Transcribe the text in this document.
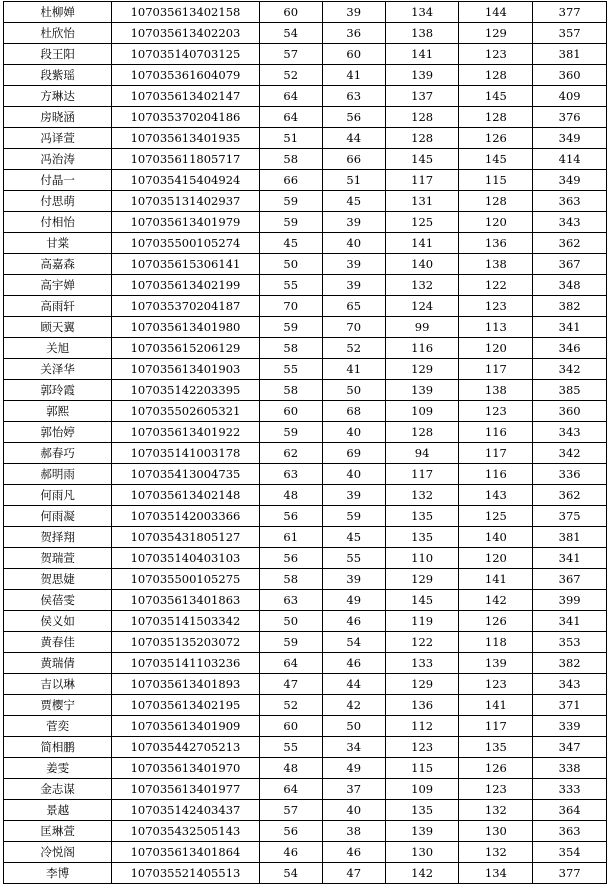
杜柳婵	107035613402158	60	39	134	144	377
杜欣怡	107035613402203	54	36	138	129	357
段王阳	107035140703125	57	60	141	123	381
段紫瑶	107035361604079	52	41	139	128	360
方琳达	107035613402147	64	63	137	145	409
房晓涵	107035370204186	64	56	128	128	376
冯译萱	107035613401935	51	44	128	126	349
冯治涛	107035611805717	58	66	145	145	414
付晶一	107035415404924	66	51	117	115	349
付思萌	107035131402937	59	45	131	128	363
付相怡	107035613401979	59	39	125	120	343
甘棠	107035500105274	45	40	141	136	362
高嘉森	107035615306141	50	39	140	138	367
高宇婵	107035613402199	55	39	132	122	348
高雨轩	107035370204187	70	65	124	123	382
顾天翼	107035613401980	59	70	99	113	341
关旭	107035615206129	58	52	116	120	346
关泽华	107035613401903	55	41	129	117	342
郭玲霞	107035142203395	58	50	139	138	385
郭熙	107035502605321	60	68	109	123	360
郭怡婷	107035613401922	59	40	128	116	343
郝春巧	107035141003178	62	69	94	117	342
郝明雨	107035413004735	63	40	117	116	336
何雨凡	107035613402148	48	39	132	143	362
何雨凝	107035142003366	56	59	135	125	375
贺择翔	107035431805127	61	45	135	140	381
贺瑞萱	107035140403103	56	55	110	120	341
贺思婕	107035500105275	58	39	129	141	367
侯蓓雯	107035613401863	63	49	145	142	399
侯义如	107035141503342	50	46	119	126	341
黄春佳	107035135203072	59	54	122	118	353
黄瑞倩	107035141103236	64	46	133	139	382
吉以琳	107035613401893	47	44	129	123	343
贾樱宁	107035613402195	52	42	136	141	371
菅奕	107035613401909	60	50	112	117	339
简相鹏	107035442705213	55	34	123	135	347
姜雯	107035613401970	48	49	115	126	338
金志谋	107035613401977	64	37	109	123	333
景越	107035142403437	57	40	135	132	364
匡琳萱	107035432505143	56	38	139	130	363
冷悦阁	107035613401864	46	46	130	132	354
李博	107035521405513	54	47	142	134	377
